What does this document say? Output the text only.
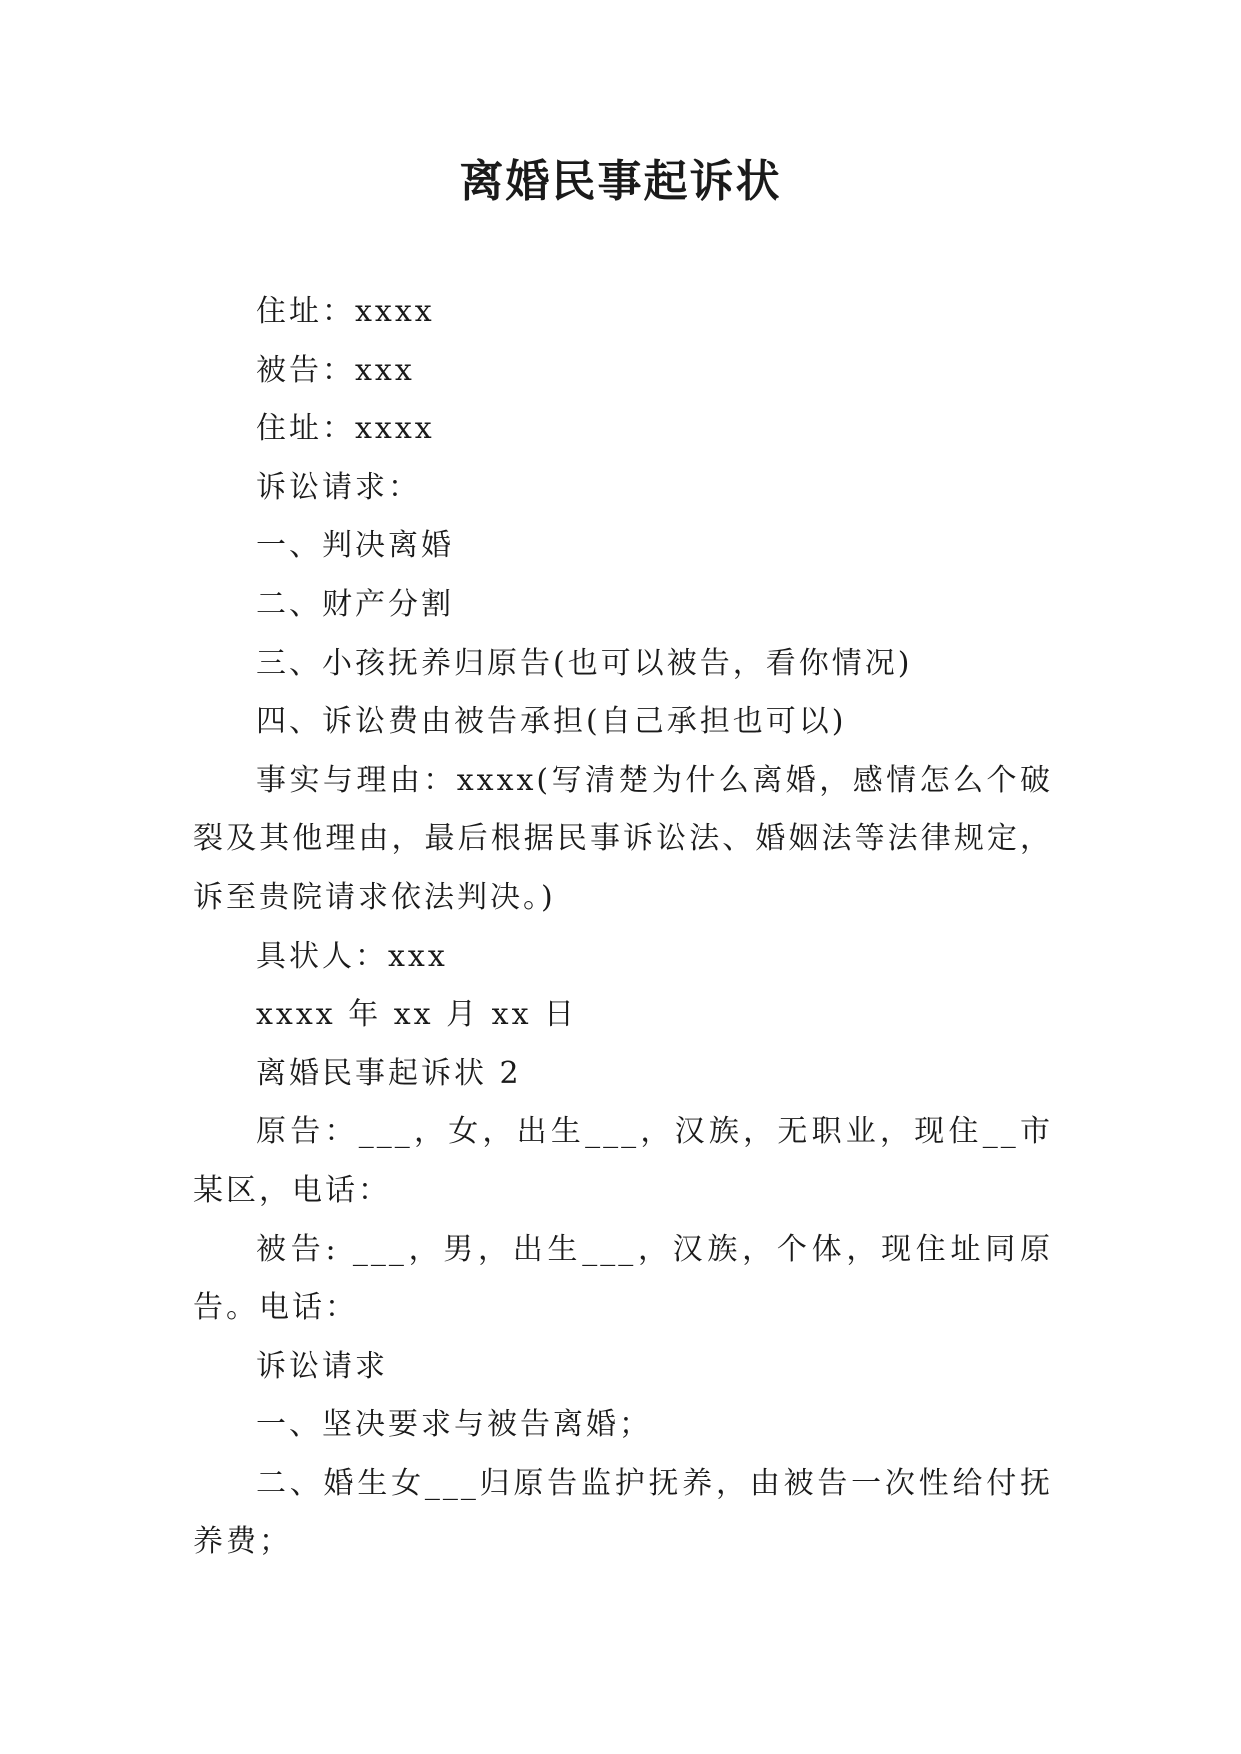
离婚民事起诉状

住址：xxxx

被告：xxx

住址：xxxx

诉讼请求：

一、判决离婚

二、财产分割

三、小孩抚养归原告(也可以被告，看你情况)

四、诉讼费由被告承担(自己承担也可以)

事实与理由：xxxx(写清楚为什么离婚，感情怎么个破裂及其他理由，最后根据民事诉讼法、婚姻法等法律规定，诉至贵院请求依法判决。)

具状人：xxx

xxxx 年 xx 月 xx 日

离婚民事起诉状 2

原告：___，女，出生___，汉族，无职业，现住__市某区，电话：

被告: ___，男，出生___，汉族，个体，现住址同原告。电话：

诉讼请求

一、坚决要求与被告离婚；

二、婚生女___归原告监护抚养，由被告一次性给付抚养费；
